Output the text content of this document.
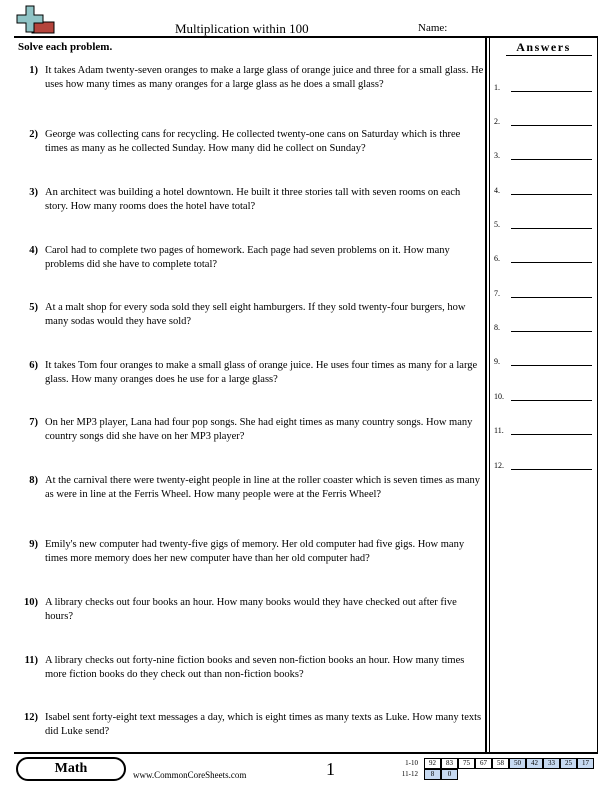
Multiplication within 100	Name:
Solve each problem.	Answers
1) It takes Adam twenty-seven oranges to make a large glass of orange juice and three for a small glass. He uses how many times as many oranges for a large glass as he does a small glass?
2) George was collecting cans for recycling. He collected twenty-one cans on Saturday which is three times as many as he collected Sunday. How many did he collect on Sunday?
3) An architect was building a hotel downtown. He built it three stories tall with seven rooms on each story. How many rooms does the hotel have total?
4) Carol had to complete two pages of homework. Each page had seven problems on it. How many problems did she have to complete total?
5) At a malt shop for every soda sold they sell eight hamburgers. If they sold twenty-four burgers, how many sodas would they have sold?
6) It takes Tom four oranges to make a small glass of orange juice. He uses four times as many for a large glass. How many oranges does he use for a large glass?
7) On her MP3 player, Lana had four pop songs. She had eight times as many country songs. How many country songs did she have on her MP3 player?
8) At the carnival there were twenty-eight people in line at the roller coaster which is seven times as many as were in line at the Ferris Wheel. How many people were at the Ferris Wheel?
9) Emily's new computer had twenty-five gigs of memory. Her old computer had five gigs. How many times more memory does her new computer have than her old computer had?
10) A library checks out four books an hour. How many books would they have checked out after five hours?
11) A library checks out forty-nine fiction books and seven non-fiction books an hour. How many times more fiction books do they check out than non-fiction books?
12) Isabel sent forty-eight text messages a day, which is eight times as many texts as Luke. How many texts did Luke send?
1.
2.
3.
4.
5.
6.
7.
8.
9.
10.
11.
12.
Math	www.CommonCoreSheets.com	1	1-10	92	83	75	67	58	50	42	33	25	17
11-12	8	0
